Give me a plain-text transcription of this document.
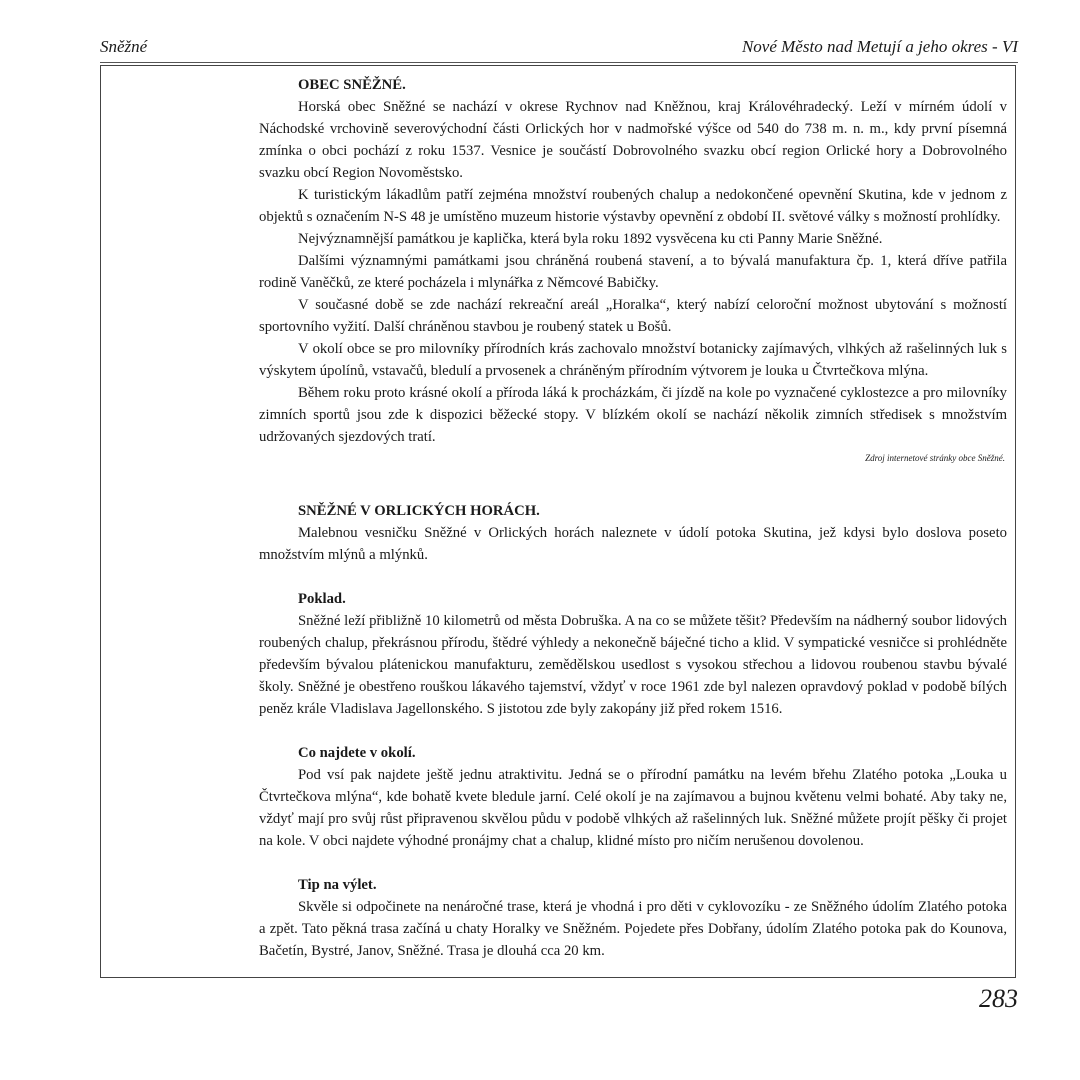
Sněžné	Nové Město nad Metují a jeho okres - VI

OBEC SNĚŽNÉ.

Horská obec Sněžné se nachází v okrese Rychnov nad Kněžnou, kraj Královéhradecký. Leží v mírném údolí v Náchodské vrchovině severovýchodní části Orlických hor v nadmořské výšce od 540 do 738 m. n. m., kdy první písemná zmínka o obci pochází z roku 1537. Vesnice je součástí Dobrovolného svazku obcí region Orlické hory a Dobrovolného svazku obcí Region Novoměstsko.

K turistickým lákadlům patří zejména množství roubených chalup a nedokončené opevnění Skutina, kde v jednom z objektů s označením N-S 48 je umístěno muzeum historie výstavby opevnění z období II. světové války s možností prohlídky.

Nejvýznamnější památkou je kaplička, která byla roku 1892 vysvěcena ku cti Panny Marie Sněžné.

Dalšími významnými památkami jsou chráněná roubená stavení, a to bývalá manufaktura čp. 1, která dříve patřila rodině Vaněčků, ze které pocházela i mlynářka z Němcové Babičky.

V současné době se zde nachází rekreační areál „Horalka“, který nabízí celoroční možnost ubytování s možností sportovního vyžití. Další chráněnou stavbou je roubený statek u Bošů.

V okolí obce se pro milovníky přírodních krás zachovalo množství botanicky zajímavých, vlhkých až rašelinných luk s výskytem úpolínů, vstavačů, bledulí a prvosenek a chráněným přírodním výtvorem je louka u Čtvrtečkova mlýna.

Během roku proto krásné okolí a příroda láká k procházkám, či jízdě na kole po vyznačené cyklostezce a pro milovníky zimních sportů jsou zde k dispozici běžecké stopy. V blízkém okolí se nachází několik zimních středisek s množstvím udržovaných sjezdových tratí.

Zdroj internetové stránky obce Sněžné.

SNĚŽNÉ V ORLICKÝCH HORÁCH.

Malebnou vesničku Sněžné v Orlických horách naleznete v údolí potoka Skutina, jež kdysi bylo doslova poseto množstvím mlýnů a mlýnků.

Poklad.

Sněžné leží přibližně 10 kilometrů od města Dobruška. A na co se můžete těšit? Především na nádherný soubor lidových roubených chalup, překrásnou přírodu, štědré výhledy a nekonečně báječné ticho a klid. V sympatické vesničce si prohlédněte především bývalou plátenickou manufakturu, zemědělskou usedlost s vysokou střechou a lidovou roubenou stavbu bývalé školy. Sněžné je obestřeno rouškou lákavého tajemství, vždyť v roce 1961 zde byl nalezen opravdový poklad v podobě bílých peněz krále Vladislava Jagellonského. S jistotou zde byly zakopány již před rokem 1516.

Co najdete v okolí.

Pod vsí pak najdete ještě jednu atraktivitu. Jedná se o přírodní památku na levém břehu Zlatého potoka „Louka u Čtvrtečkova mlýna“, kde bohatě kvete bledule jarní. Celé okolí je na zajímavou a bujnou květenu velmi bohaté. Aby taky ne, vždyť mají pro svůj růst připravenou skvělou půdu v podobě vlhkých až rašelinných luk. Sněžné můžete projít pěšky či projet na kole. V obci najdete výhodné pronájmy chat a chalup, klidné místo pro ničím nerušenou dovolenou.

Tip na výlet.

Skvěle si odpočinete na nenáročné trase, která je vhodná i pro děti v cyklovozíku - ze Sněžného údolím Zlatého potoka a zpět. Tato pěkná trasa začíná u chaty Horalky ve Sněžném. Pojedete přes Dobřany, údolím Zlatého potoka pak do Kounova, Bačetín, Bystré, Janov, Sněžné. Trasa je dlouhá cca 20 km.

283
